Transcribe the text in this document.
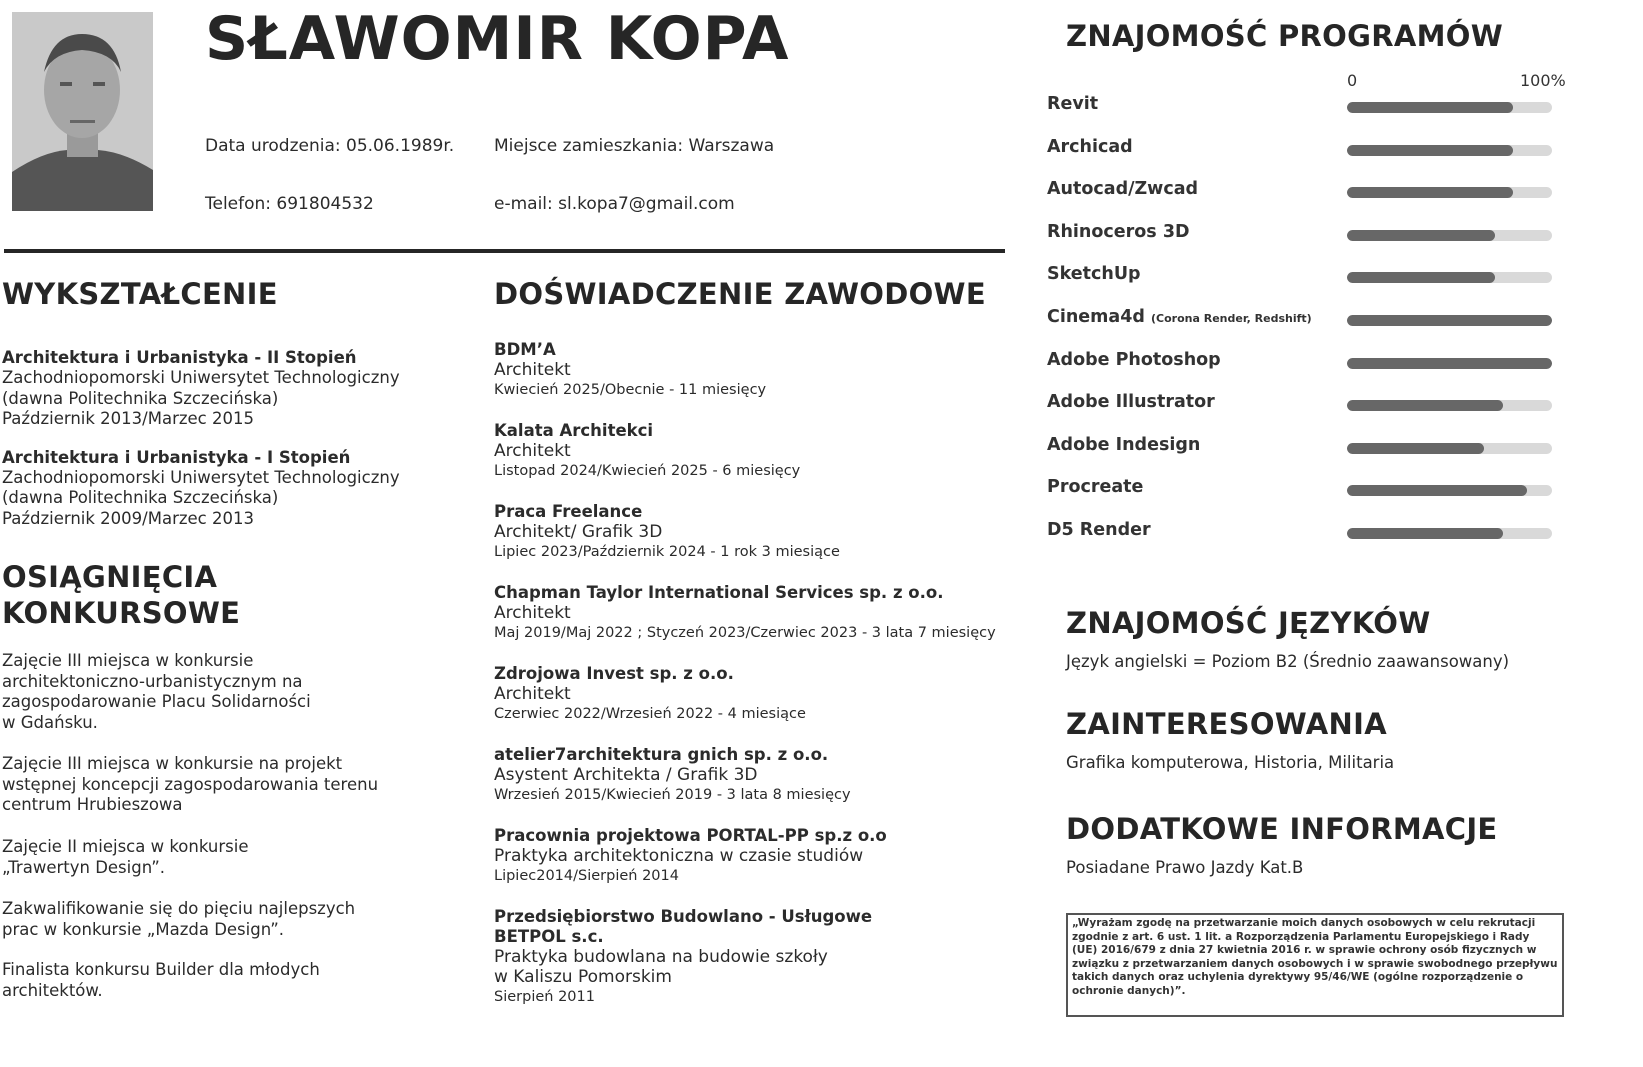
SŁAWOMIR KOPA
Data urodzenia: 05.06.1989r. Miejsce zamieszkania: Warszawa
Telefon: 691804532	e-mail: sl.kopa7@gmail.com
WYKSZTAŁCENIE
Architektura i Urbanistyka - II Stopień
Zachodniopomorski Uniwersytet Technologiczny
(dawna Politechnika Szczecińska)
Październik 2013/Marzec 2015
Architektura i Urbanistyka - I Stopień
Zachodniopomorski Uniwersytet Technologiczny
(dawna Politechnika Szczecińska)
Październik 2009/Marzec 2013
OSIĄGNIĘCIA
KONKURSOWE
Zajęcie III miejsca w konkursie
architektoniczno-urbanistycznym na
zagospodarowanie Placu Solidarności
w Gdańsku.
Zajęcie III miejsca w konkursie na projekt
wstępnej koncepcji zagospodarowania terenu
centrum Hrubieszowa
Zajęcie II miejsca w konkursie
„Trawertyn Design”.
Zakwalifikowanie się do pięciu najlepszych
prac w konkursie „Mazda Design”.
Finalista konkursu Builder dla młodych
architektów.
DOŚWIADCZENIE ZAWODOWE
BDM’A
Architekt
Kwiecień 2025/Obecnie - 11 miesięcy
Kalata Architekci
Architekt
Listopad 2024/Kwiecień 2025 - 6 miesięcy
Praca Freelance
Architekt/ Grafik 3D
Lipiec 2023/Październik 2024 - 1 rok 3 miesiące
Chapman Taylor International Services sp. z o.o.
Architekt
Maj 2019/Maj 2022 ; Styczeń 2023/Czerwiec 2023 - 3 lata 7 miesięcy
Zdrojowa Invest sp. z o.o.
Architekt
Czerwiec 2022/Wrzesień 2022 - 4 miesiące
atelier7architektura gnich sp. z o.o.
Asystent Architekta / Grafik 3D
Wrzesień 2015/Kwiecień 2019 - 3 lata 8 miesięcy
Pracownia projektowa PORTAL-PP sp.z o.o
Praktyka architektoniczna w czasie studiów
Lipiec2014/Sierpień 2014
Przedsiębiorstwo Budowlano - Usługowe
BETPOL s.c.
Praktyka budowlana na budowie szkoły
w Kaliszu Pomorskim
Sierpień 2011
ZNAJOMOŚĆ PROGRAMÓW
0	100%
Revit
Archicad
Autocad/Zwcad
Rhinoceros 3D
SketchUp
Cinema4d (Corona Render, Redshift)
Adobe Photoshop
Adobe Illustrator
Adobe Indesign
Procreate
D5 Render
ZNAJOMOŚĆ JĘZYKÓW
Język angielski = Poziom B2 (Średnio zaawansowany)
ZAINTERESOWANIA
Grafika komputerowa, Historia, Militaria
DODATKOWE INFORMACJE
Posiadane Prawo Jazdy Kat.B
„Wyrażam zgodę na przetwarzanie moich danych osobowych w celu rekrutacji zgodnie z art. 6 ust. 1 lit. a Rozporządzenia Parlamentu Europejskiego i Rady (UE) 2016/679 z dnia 27 kwietnia 2016 r. w sprawie ochrony osób fizycznych w związku z przetwarzaniem danych osobowych i w sprawie swobodnego przepływu takich danych oraz uchylenia dyrektywy 95/46/WE (ogólne rozporządzenie o ochronie danych)”.
